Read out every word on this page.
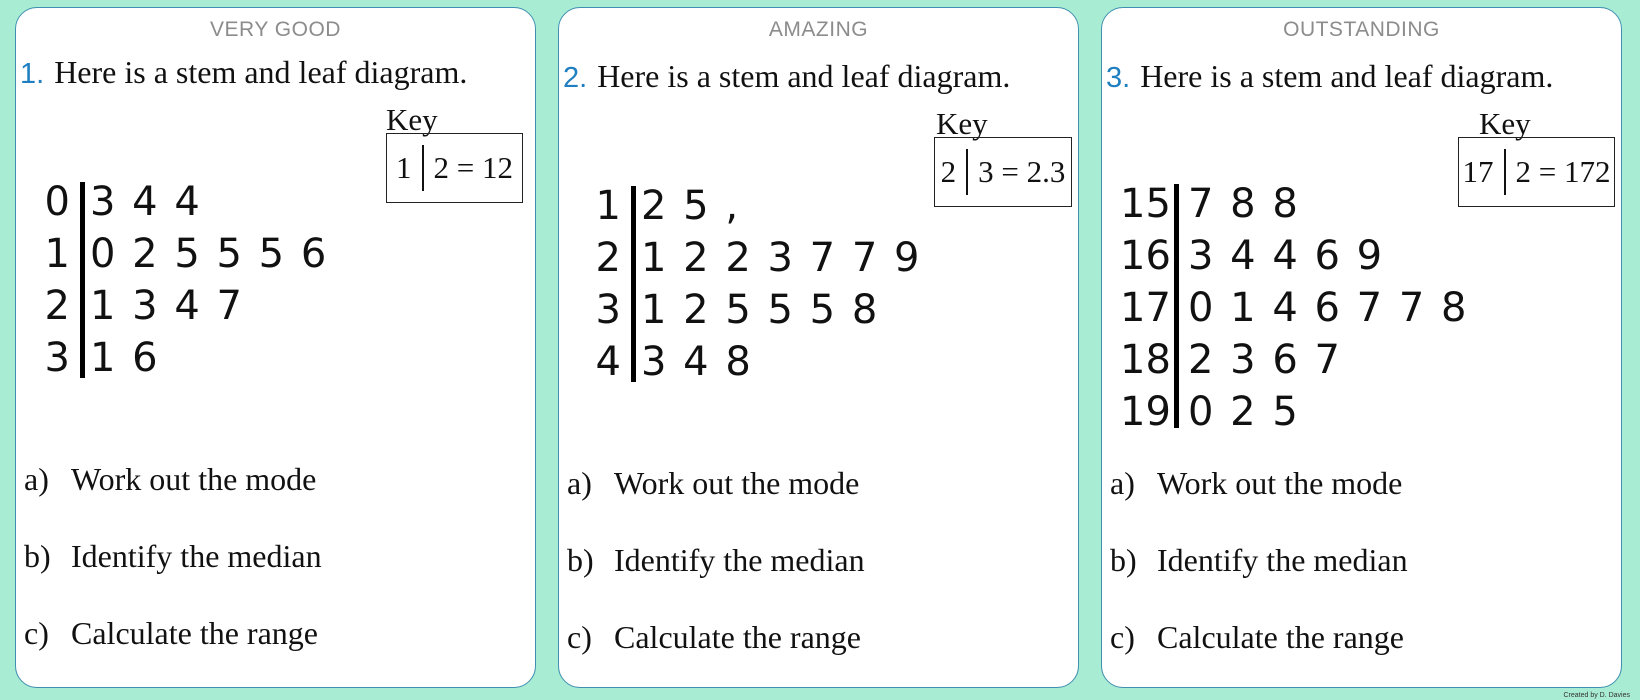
VERY GOOD
1. Here is a stem and leaf diagram.
Key
1 2 = 12
0 3 4 4
1 0 2 5 5 5 6
2 1 3 4 7
3 1 6
a) Work out the mode
b) Identify the median
c) Calculate the range
AMAZING
2. Here is a stem and leaf diagram.
Key
2 3 = 2.3
1 2 5 ,
2 1 2 2 3 7 7 9
3 1 2 5 5 5 8
4 3 4 8
a) Work out the mode
b) Identify the median
c) Calculate the range
OUTSTANDING
3. Here is a stem and leaf diagram.
Key
17 2 = 172
15 7 8 8
16 3 4 4 6 9
17 0 1 4 6 7 7 8
18 2 3 6 7
19 0 2 5
a) Work out the mode
b) Identify the median
c) Calculate the range
Created by D. Davies
